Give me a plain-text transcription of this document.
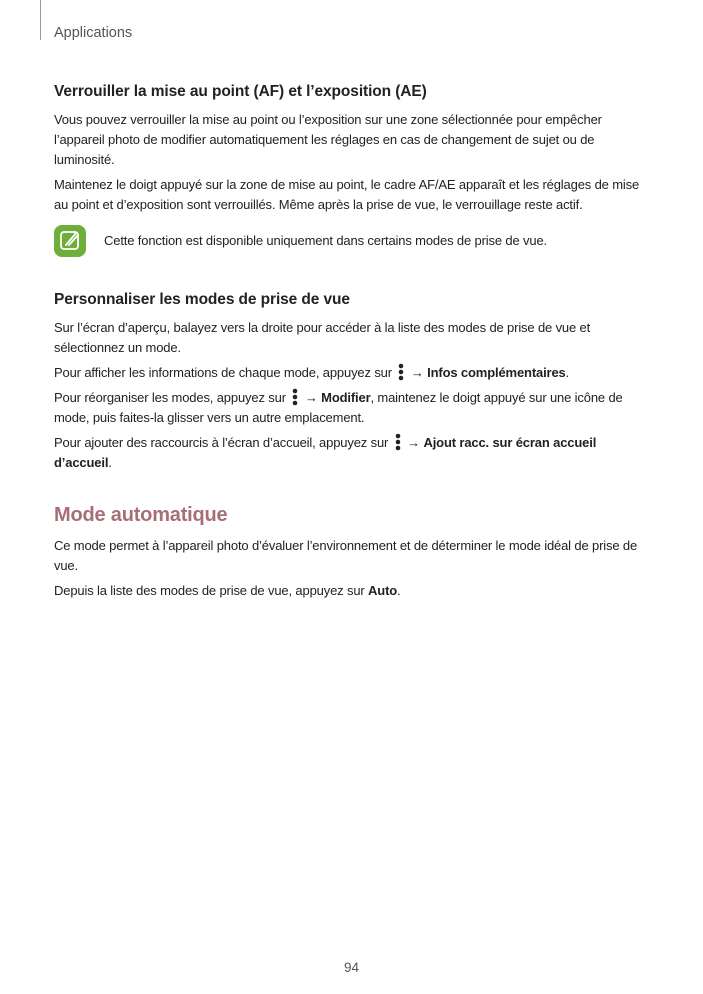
Applications
Verrouiller la mise au point (AF) et l’exposition (AE)

Vous pouvez verrouiller la mise au point ou l’exposition sur une zone sélectionnée pour empêcher l’appareil photo de modifier automatiquement les réglages en cas de changement de sujet ou de luminosité.

Maintenez le doigt appuyé sur la zone de mise au point, le cadre AF/AE apparaît et les réglages de mise au point et d’exposition sont verrouillés. Même après la prise de vue, le verrouillage reste actif.

Cette fonction est disponible uniquement dans certains modes de prise de vue.
Personnaliser les modes de prise de vue

Sur l’écran d’aperçu, balayez vers la droite pour accéder à la liste des modes de prise de vue et sélectionnez un mode.

Pour afficher les informations de chaque mode, appuyez sur  → Infos complémentaires.

Pour réorganiser les modes, appuyez sur  → Modifier, maintenez le doigt appuyé sur une icône de mode, puis faites-la glisser vers un autre emplacement.

Pour ajouter des raccourcis à l’écran d’accueil, appuyez sur  → Ajout racc. sur écran accueil d’accueil.

Mode automatique

Ce mode permet à l’appareil photo d’évaluer l’environnement et de déterminer le mode idéal de prise de vue.

Depuis la liste des modes de prise de vue, appuyez sur Auto.

94
